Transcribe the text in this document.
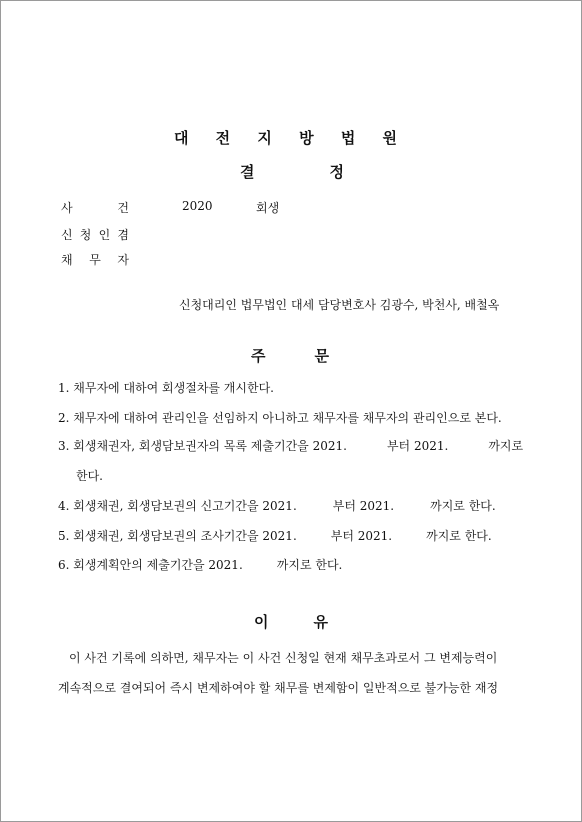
대 전 지 방 법 원
결	정
사	건	2020	회생
신 청 인 겸
채 무 자
신청대리인 법무법인 대세 담당변호사 김광수, 박천사, 배철옥
주	문
1. 채무자에 대하여 회생절차를 개시한다.
2. 채무자에 대하여 관리인을 선임하지 아니하고 채무자를 채무자의 관리인으로 본다.
3. 회생채권자, 회생담보권자의 목록 제출기간을 2021.	부터 2021.	까지로
한다.
4. 회생채권, 회생담보권의 신고기간을 2021.	부터 2021.	까지로 한다.
5. 회생채권, 회생담보권의 조사기간을 2021.	부터 2021.	까지로 한다.
6. 회생계획안의 제출기간을 2021.	까지로 한다.
이	유
이 사건 기록에 의하면, 채무자는 이 사건 신청일 현재 채무초과로서 그 변제능력이
계속적으로 결여되어 즉시 변제하여야 할 채무를 변제함이 일반적으로 불가능한 재정
